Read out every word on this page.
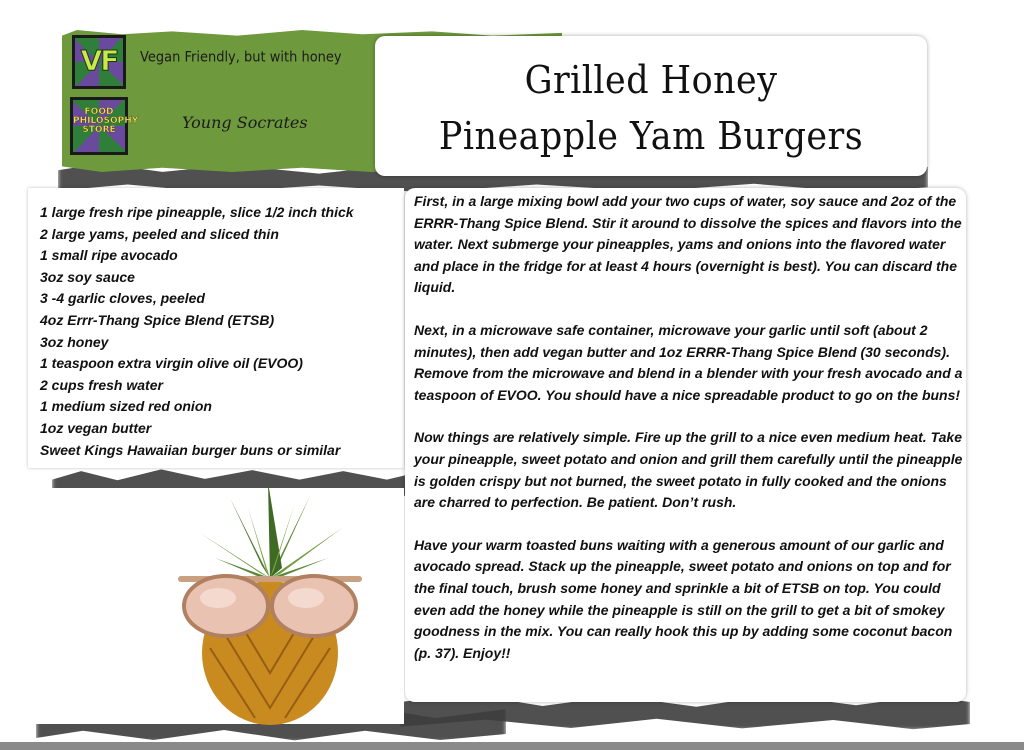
VF
FOOD PHILOSOPHY STORE
Vegan Friendly, but with honey
Young Socrates
Grilled Honey
Pineapple Yam Burgers
1 large fresh ripe pineapple, slice 1/2 inch thick
2 large yams, peeled and sliced thin
1 small ripe avocado
3oz soy sauce
3 -4 garlic cloves, peeled
4oz Errr-Thang Spice Blend (ETSB)
3oz honey
1 teaspoon extra virgin olive oil (EVOO)
2 cups fresh water
1 medium sized red onion
1oz vegan butter
Sweet Kings Hawaiian burger buns or similar

First, in a large mixing bowl add your two cups of water, soy sauce and 2oz of the ERRR-Thang Spice Blend. Stir it around to dissolve the spices and flavors into the water. Next submerge your pineapples, yams and onions into the flavored water and place in the fridge for at least 4 hours (overnight is best). You can discard the liquid.

Next, in a microwave safe container, microwave your garlic until soft (about 2 minutes), then add vegan butter and 1oz ERRR-Thang Spice Blend (30 seconds). Remove from the microwave and blend in a blender with your fresh avocado and a teaspoon of EVOO. You should have a nice spreadable product to go on the buns!

Now things are relatively simple. Fire up the grill to a nice even medium heat. Take your pineapple, sweet potato and onion and grill them carefully until the pineapple is golden crispy but not burned, the sweet potato in fully cooked and the onions are charred to perfection. Be patient. Don’t rush.

Have your warm toasted buns waiting with a generous amount of our garlic and avocado spread. Stack up the pineapple, sweet potato and onions on top and for the final touch, brush some honey and sprinkle a bit of ETSB on top. You could even add the honey while the pineapple is still on the grill to get a bit of smokey goodness in the mix. You can really hook this up by adding some coconut bacon (p. 37). Enjoy!!
